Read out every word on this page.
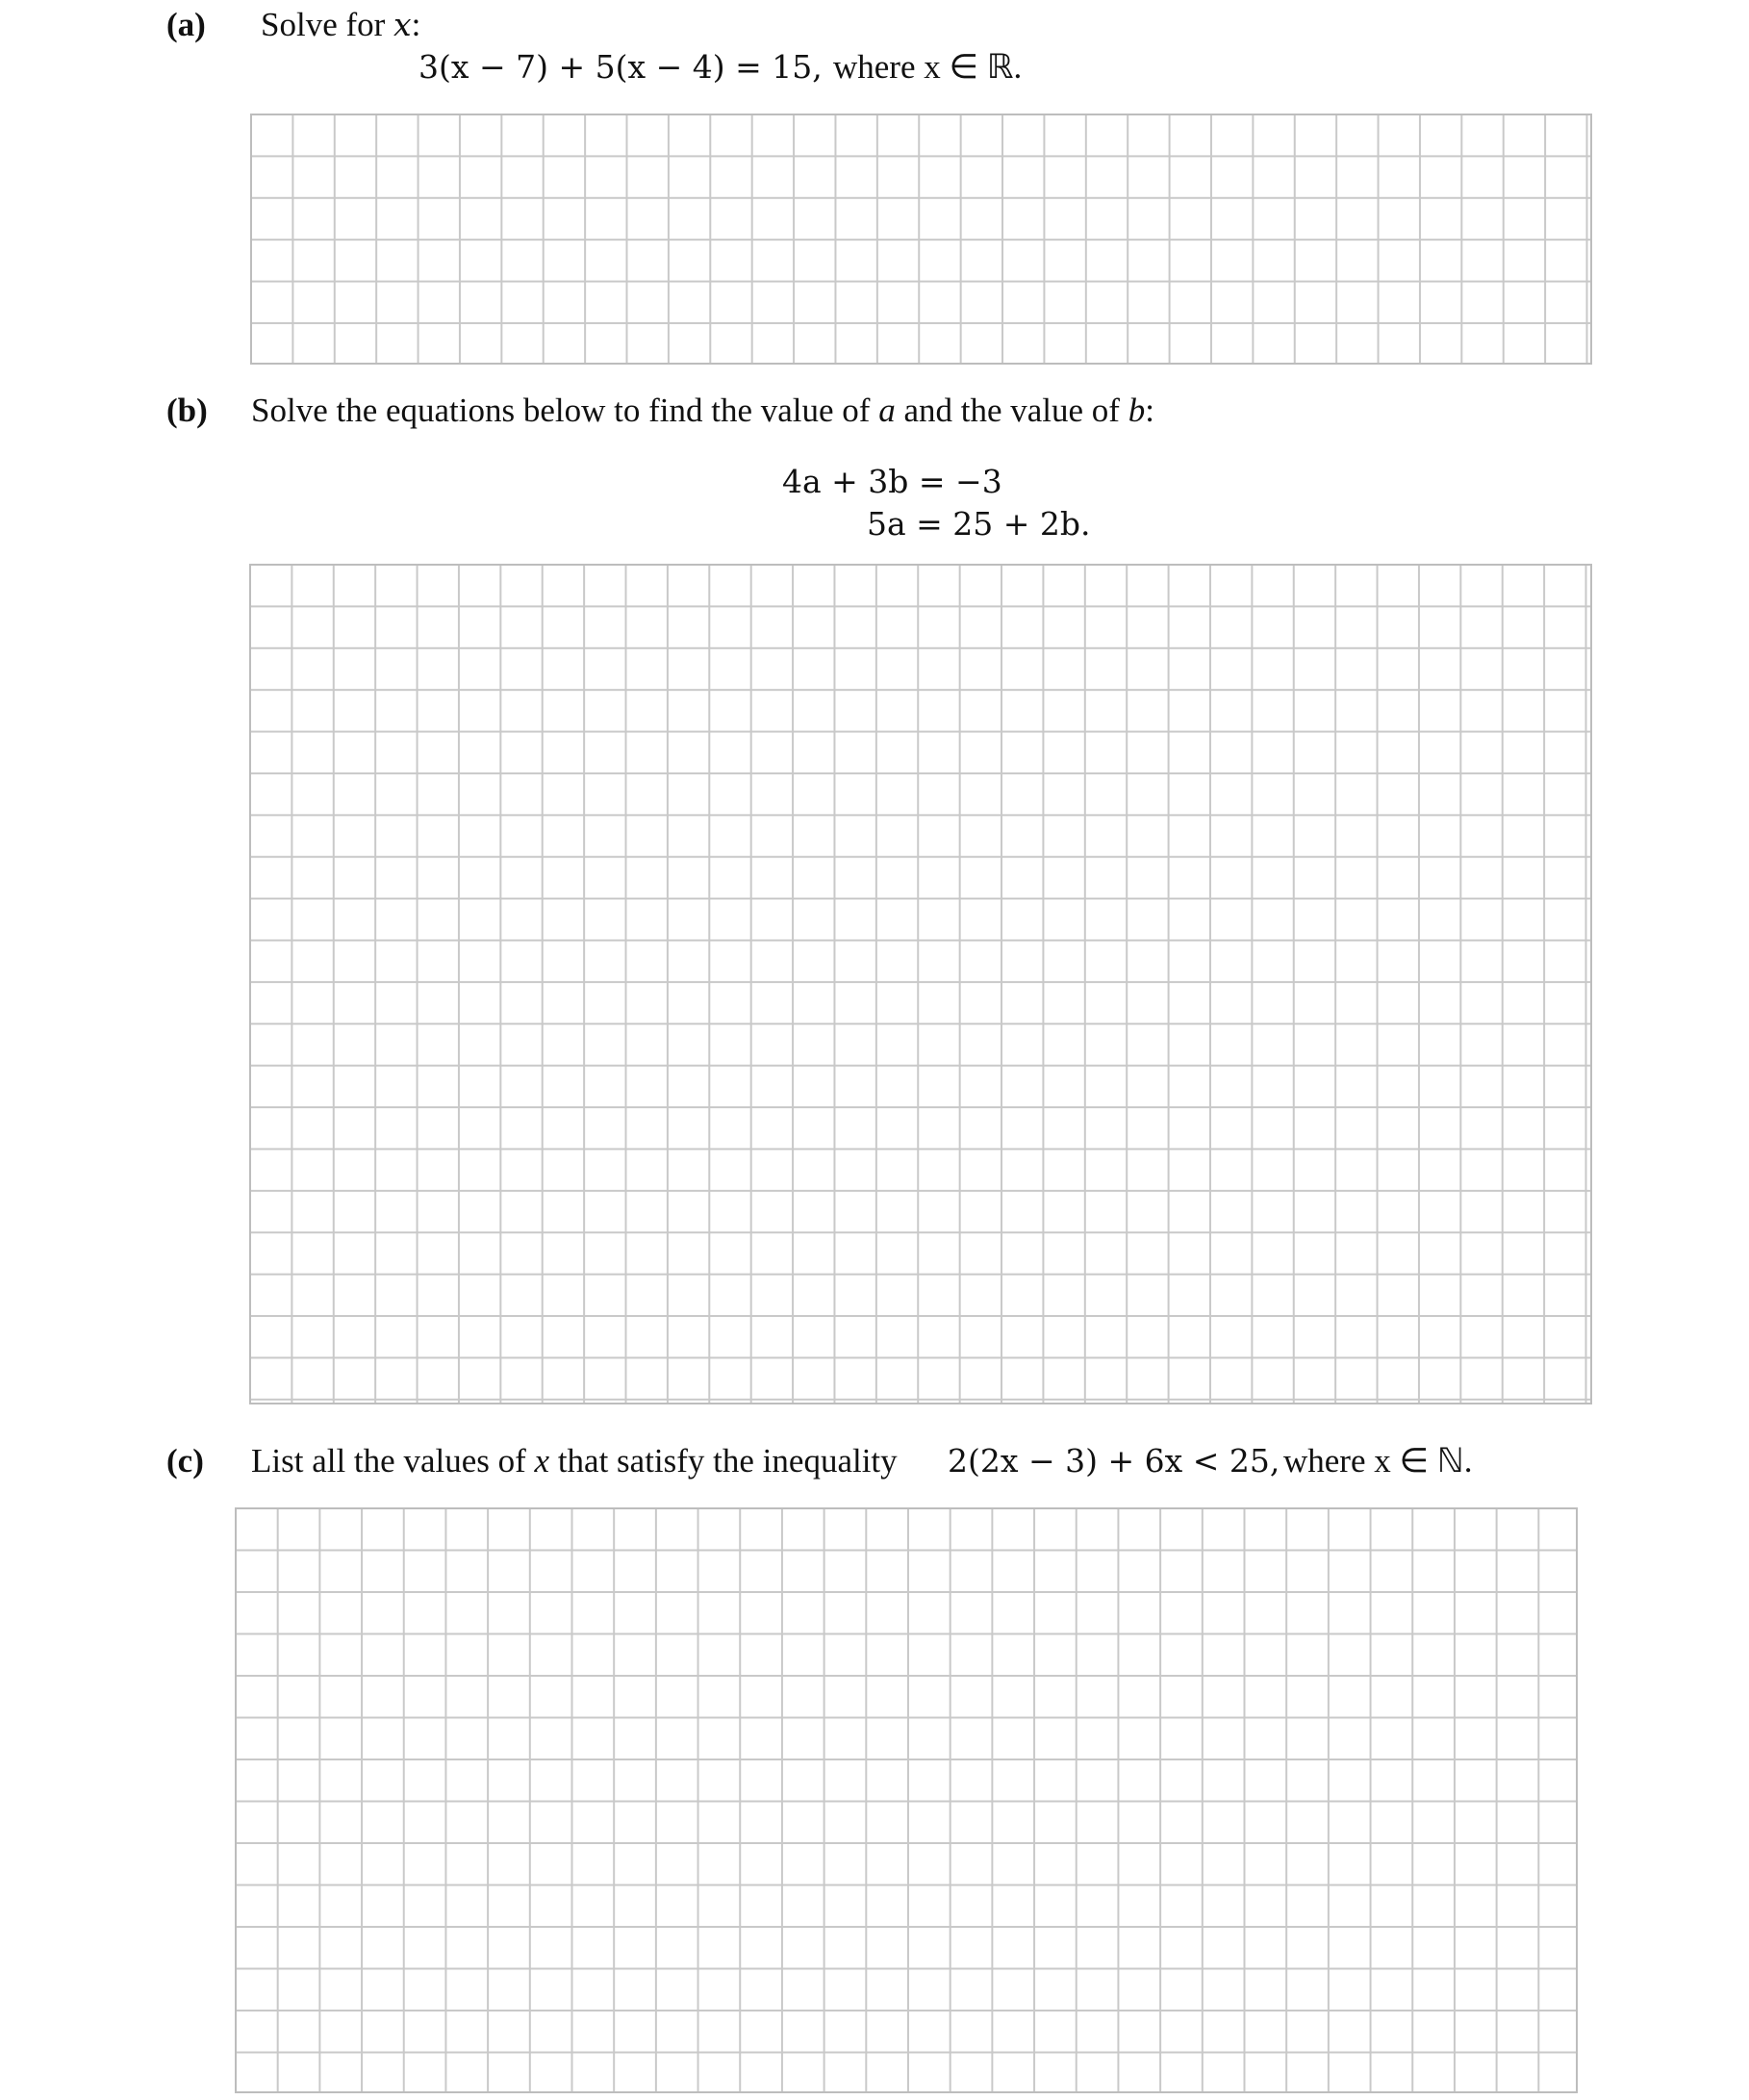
(a) Solve for x:
3(x − 7) + 5(x − 4) = 15, where x ∈ ℝ.
(b) Solve the equations below to find the value of a and the value of b:
4a + 3b = −3
5a = 25 + 2b.
(c) List all the values of x that satisfy the inequality 2(2x − 3) + 6x < 25, where x ∈ ℕ.
